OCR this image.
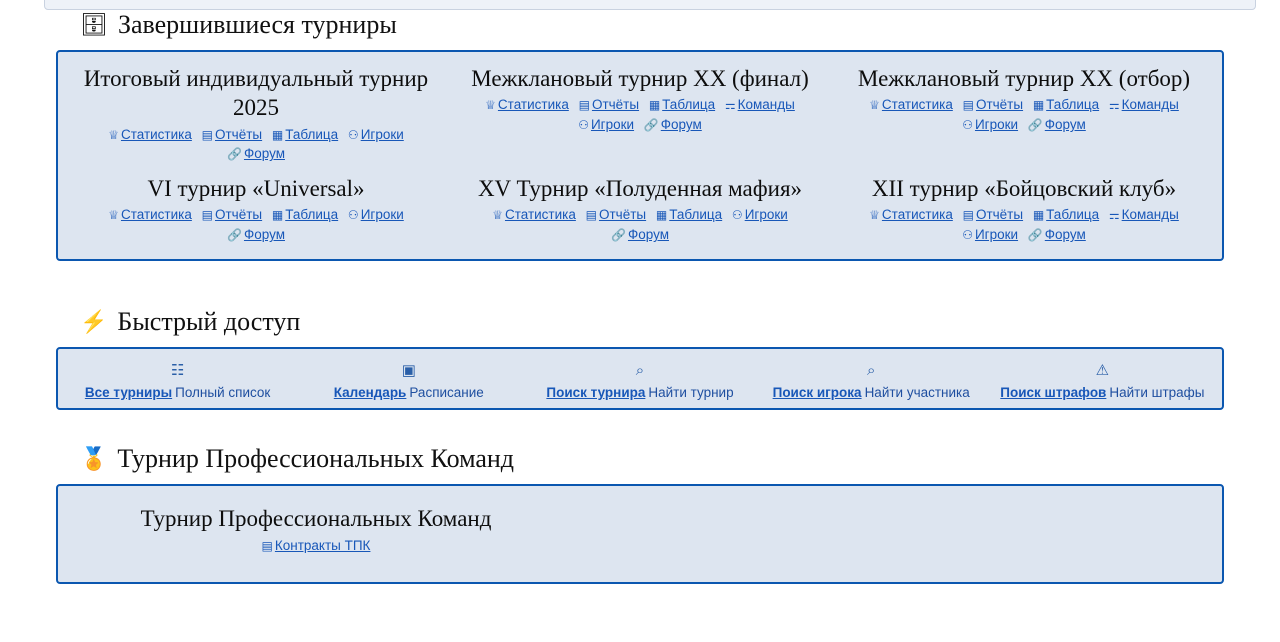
🗄 Завершившиеся турниры
Итоговый индивидуальный турнир 2025
♕ Статистика ▤ Отчёты ▦ Таблица ⚇ Игроки 🔗 Форум
Межклановый турнир XX (финал)
♕ Статистика ▤ Отчёты ▦ Таблица ⚎ Команды ⚇ Игроки 🔗 Форум
Межклановый турнир XX (отбор)
♕ Статистика ▤ Отчёты ▦ Таблица ⚎ Команды ⚇ Игроки 🔗 Форум
VI турнир «Universal»
♕ Статистика ▤ Отчёты ▦ Таблица ⚇ Игроки 🔗 Форум
XV Турнир «Полуденная мафия»
♕ Статистика ▤ Отчёты ▦ Таблица ⚇ Игроки 🔗 Форум
XII турнир «Бойцовский клуб»
♕ Статистика ▤ Отчёты ▦ Таблица ⚎ Команды ⚇ Игроки 🔗 Форум
⚡ Быстрый доступ
☷
Все турниры Полный список
▣
Календарь Расписание
⌕
Поиск турнира Найти турнир
⌕
Поиск игрока Найти участника
⚠
Поиск штрафов Найти штрафы
🏅 Турнир Профессиональных Команд
Турнир Профессиональных Команд
▤ Контракты ТПК
